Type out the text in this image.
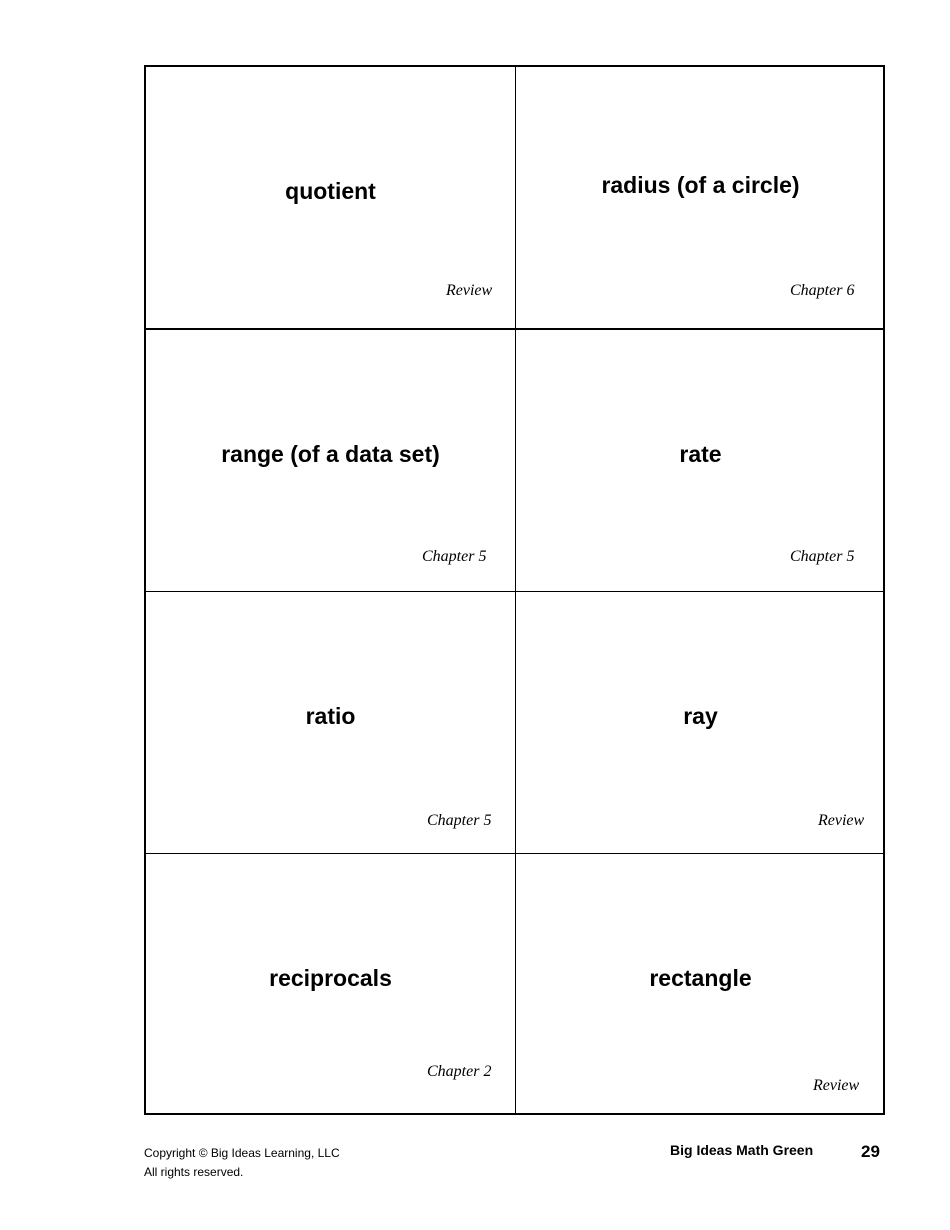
quotient
Review
radius (of a circle)
Chapter 6
range (of a data set)
Chapter 5
rate
Chapter 5
ratio
Chapter 5
ray
Review
reciprocals
Chapter 2
rectangle
Review
Copyright © Big Ideas Learning, LLC
All rights reserved.
Big Ideas Math Green	29
